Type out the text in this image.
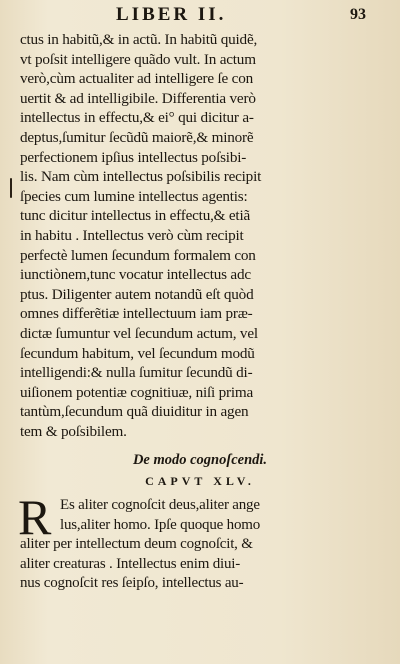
LIBER II.	93
ctus in habitũ,& in actũ. In habitũ quidẽ,
vt poſsit intelligere quãdo vult. In actum
verò,cùm actualiter ad intelligere ſe con
uertit & ad intelligibile. Differentia verò
intellectus in effectu,& ei° qui dicitur a-
deptus,ſumitur ſecũdũ maiorẽ,& minorẽ
perfectionem ipſius intellectus poſsibi-
lis. Nam cùm intellectus poſsibilis recipit
ſpecies cum lumine intellectus agentis:
tunc dicitur intellectus in effectu,& etiã
in habitu . Intellectus verò cùm recipit
perfectè lumen ſecundum formalem con
iunctiònem,tunc vocatur intellectus adc
ptus. Diligenter autem notandũ eſt quòd
omnes differẽtiæ intellectuum iam præ-
dictæ ſumuntur vel ſecundum actum, vel
ſecundum habitum, vel ſecundum modũ
intelligendi:& nulla ſumitur ſecundũ di-
uiſionem potentiæ cognitiuæ, niſi prima
tantùm,ſecundum quã diuiditur in agen
tem & poſsibilem.
De modo cognoſcendi.
CAPVT XLV.
R Es aliter cognoſcit deus,aliter ange
lus,aliter homo. Ipſe quoque homo
aliter per intellectum deum cognoſcit, &
aliter creaturas . Intellectus enim diui-
nus cognoſcit res ſeipſo, intellectus au-
